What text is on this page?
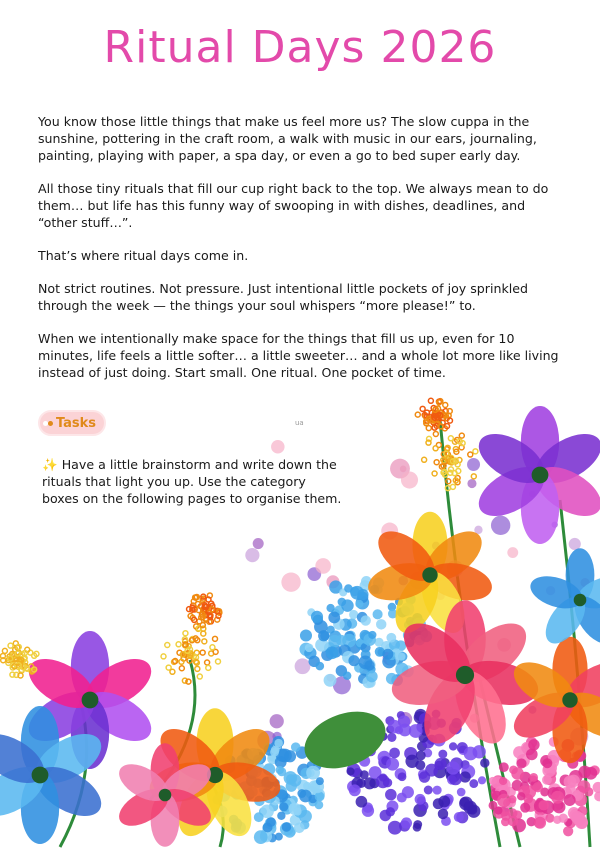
Ritual Days 2026

You know those little things that make us feel more us? The slow cuppa in the sunshine, pottering in the craft room, a walk with music in our ears, journaling, painting, playing with paper, a spa day, or even a go to bed super early day.

All those tiny rituals that fill our cup right back to the top. We always mean to do them… but life has this funny way of swooping in with dishes, deadlines, and “other stuff…”.

That’s where ritual days come in.

Not strict routines. Not pressure. Just intentional little pockets of joy sprinkled through the week — the things your soul whispers “more please!” to.

When we intentionally make space for the things that fill us up, even for 10 minutes, life feels a little softer… a little sweeter… and a whole lot more like living instead of just doing. Start small. One ritual. One pocket of time.

Tasks	ua
✨ Have a little brainstorm and write down the rituals that light you up. Use the category boxes on the following pages to organise them.
